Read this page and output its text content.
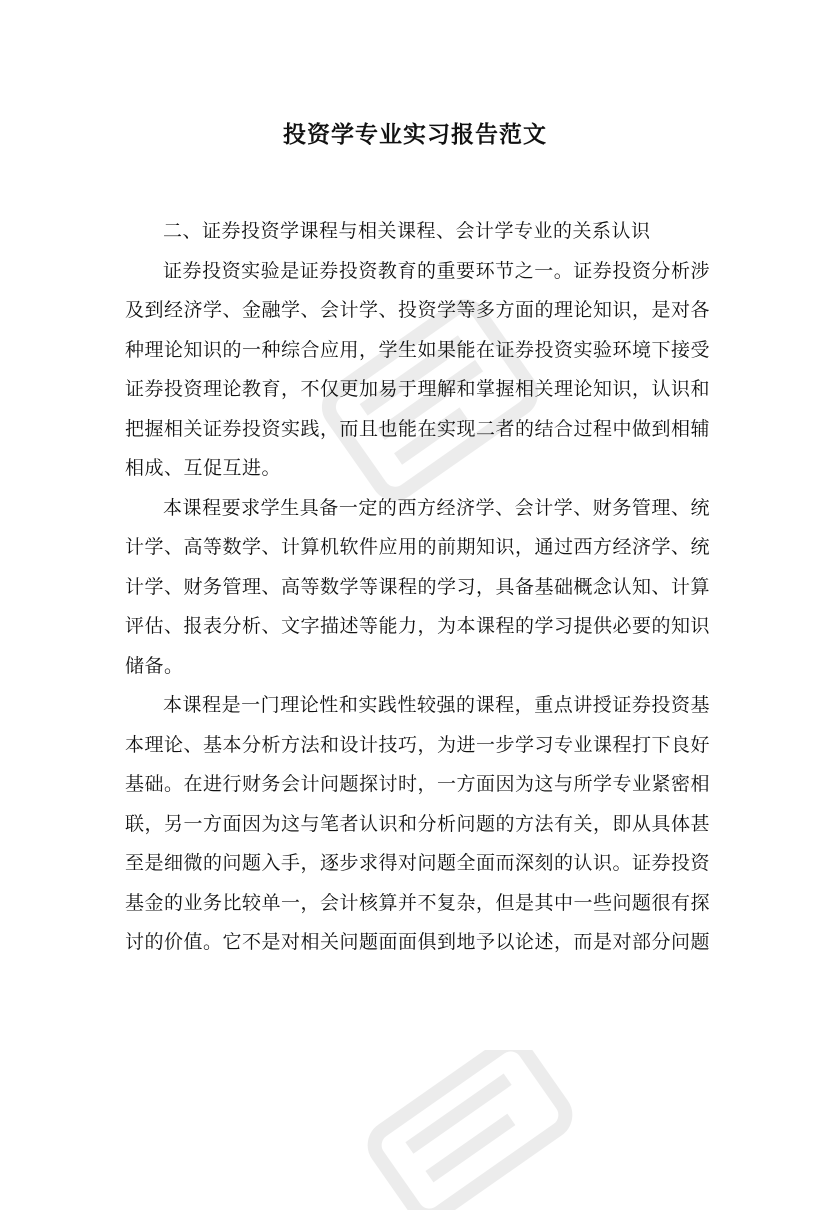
投资学专业实习报告范文

二、证券投资学课程与相关课程、会计学专业的关系认识

证券投资实验是证券投资教育的重要环节之一。证券投资分析涉及到经济学、金融学、会计学、投资学等多方面的理论知识，是对各种理论知识的一种综合应用，学生如果能在证券投资实验环境下接受证券投资理论教育，不仅更加易于理解和掌握相关理论知识，认识和把握相关证券投资实践，而且也能在实现二者的结合过程中做到相辅相成、互促互进。

本课程要求学生具备一定的西方经济学、会计学、财务管理、统计学、高等数学、计算机软件应用的前期知识，通过西方经济学、统计学、财务管理、高等数学等课程的学习，具备基础概念认知、计算评估、报表分析、文字描述等能力，为本课程的学习提供必要的知识储备。

本课程是一门理论性和实践性较强的课程，重点讲授证券投资基本理论、基本分析方法和设计技巧，为进一步学习专业课程打下良好基础。在进行财务会计问题探讨时，一方面因为这与所学专业紧密相联，另一方面因为这与笔者认识和分析问题的方法有关，即从具体甚至是细微的问题入手，逐步求得对问题全面而深刻的认识。证券投资基金的业务比较单一，会计核算并不复杂，但是其中一些问题很有探讨的价值。它不是对相关问题面面俱到地予以论述，而是对部分问题
